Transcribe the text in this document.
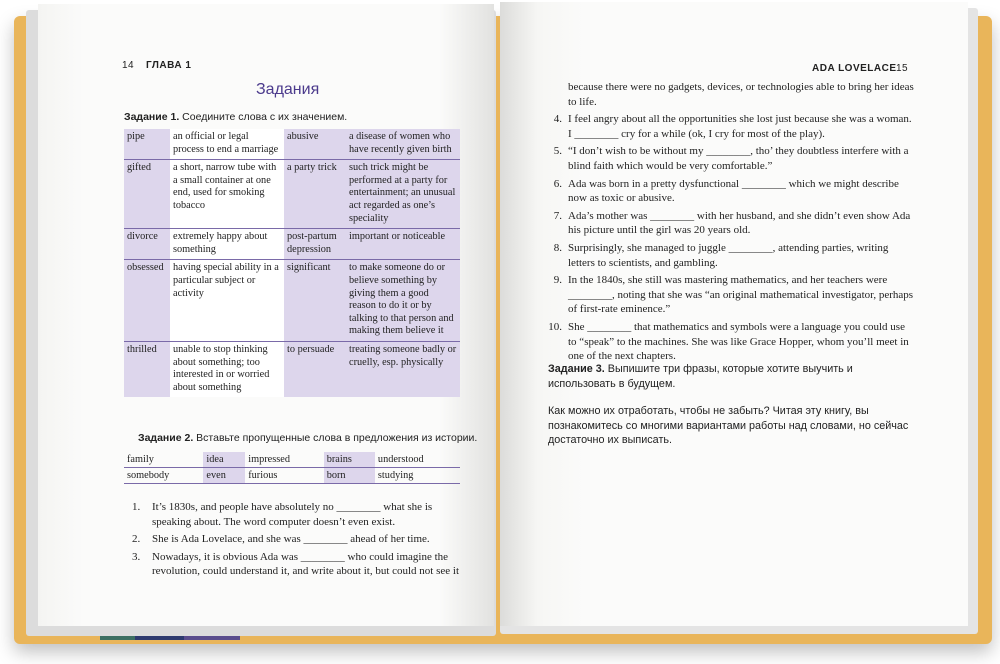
14 ГЛАВА 1
Задания
Задание 1. Соедините слова с их значением.
pipe	an official or legal process to end a marriage	abusive	a disease of women who have recently given birth
gifted	a short, narrow tube with a small container at one end, used for smoking tobacco	a party trick	such trick might be performed at a party for entertainment; an unusual act regarded as one’s speciality
divorce	extremely happy about something	post-partum depression	important or noticeable
obsessed	having special ability in a particular subject or activity	significant	to make someone do or believe something by giving them a good reason to do it or by talking to that person and making them believe it
thrilled	unable to stop thinking about something; too interested in or worried about something	to persuade	treating someone badly or cruelly, esp. physically
Задание 2. Вставьте пропущенные слова в предложения из истории.
family	idea	impressed	brains	understood
somebody	even	furious	born	studying
1. It’s 1830s, and people have absolutely no ________ what she is speaking about. The word computer doesn’t even exist.
2. She is Ada Lovelace, and she was ________ ahead of her time.
3. Nowadays, it is obvious Ada was ________ who could imagine the revolution, could understand it, and write about it, but could not see it
ADA LOVELACE 15
because there were no gadgets, devices, or technologies able to bring her ideas to life.
4. I feel angry about all the opportunities she lost just because she was a woman. I ________ cry for a while (ok, I cry for most of the play).
5. “I don’t wish to be without my ________, tho’ they doubtless interfere with a blind faith which would be very comfortable.”
6. Ada was born in a pretty dysfunctional ________ which we might describe now as toxic or abusive.
7. Ada’s mother was ________ with her husband, and she didn’t even show Ada his picture until the girl was 20 years old.
8. Surprisingly, she managed to juggle ________, attending parties, writing letters to scientists, and gambling.
9. In the 1840s, she still was mastering mathematics, and her teachers were ________, noting that she was “an original mathematical investigator, perhaps of first-rate eminence.”
10. She ________ that mathematics and symbols were a language you could use to “speak” to the machines. She was like Grace Hopper, whom you’ll meet in one of the next chapters.
Задание 3. Выпишите три фразы, которые хотите выучить и использовать в будущем.
Как можно их отработать, чтобы не забыть? Читая эту книгу, вы познакомитесь со многими вариантами работы над словами, но сейчас достаточно их выписать.
